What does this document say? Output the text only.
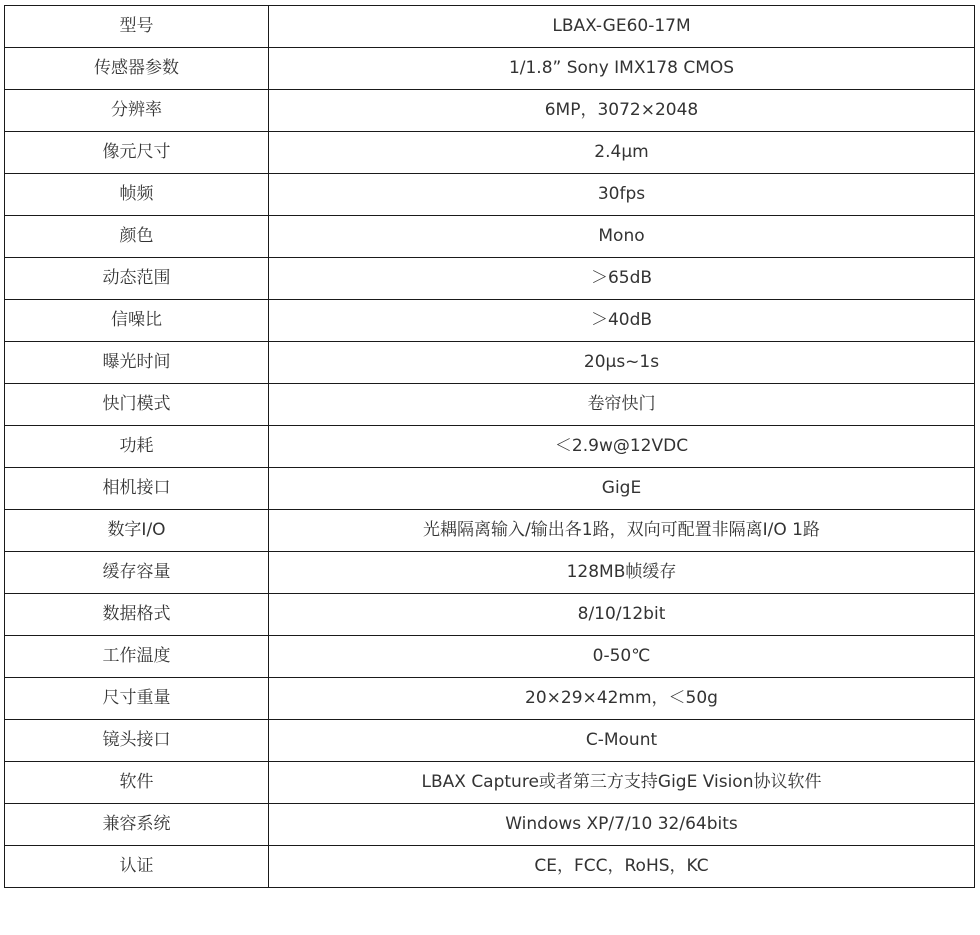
型号	LBAX-GE60-17M
传感器参数	1/1.8” Sony IMX178 CMOS
分辨率	6MP，3072×2048
像元尺寸	2.4μm
帧频	30fps
颜色	Mono
动态范围	＞65dB
信噪比	＞40dB
曝光时间	20μs~1s
快门模式	卷帘快门
功耗	＜2.9w@12VDC
相机接口	GigE
数字I/O	光耦隔离输入/输出各1路，双向可配置非隔离I/O 1路
缓存容量	128MB帧缓存
数据格式	8/10/12bit
工作温度	0-50℃
尺寸重量	20×29×42mm，＜50g
镜头接口	C-Mount
软件	LBAX Capture或者第三方支持GigE Vision协议软件
兼容系统	Windows XP/7/10 32/64bits
认证	CE，FCC，RoHS，KC
